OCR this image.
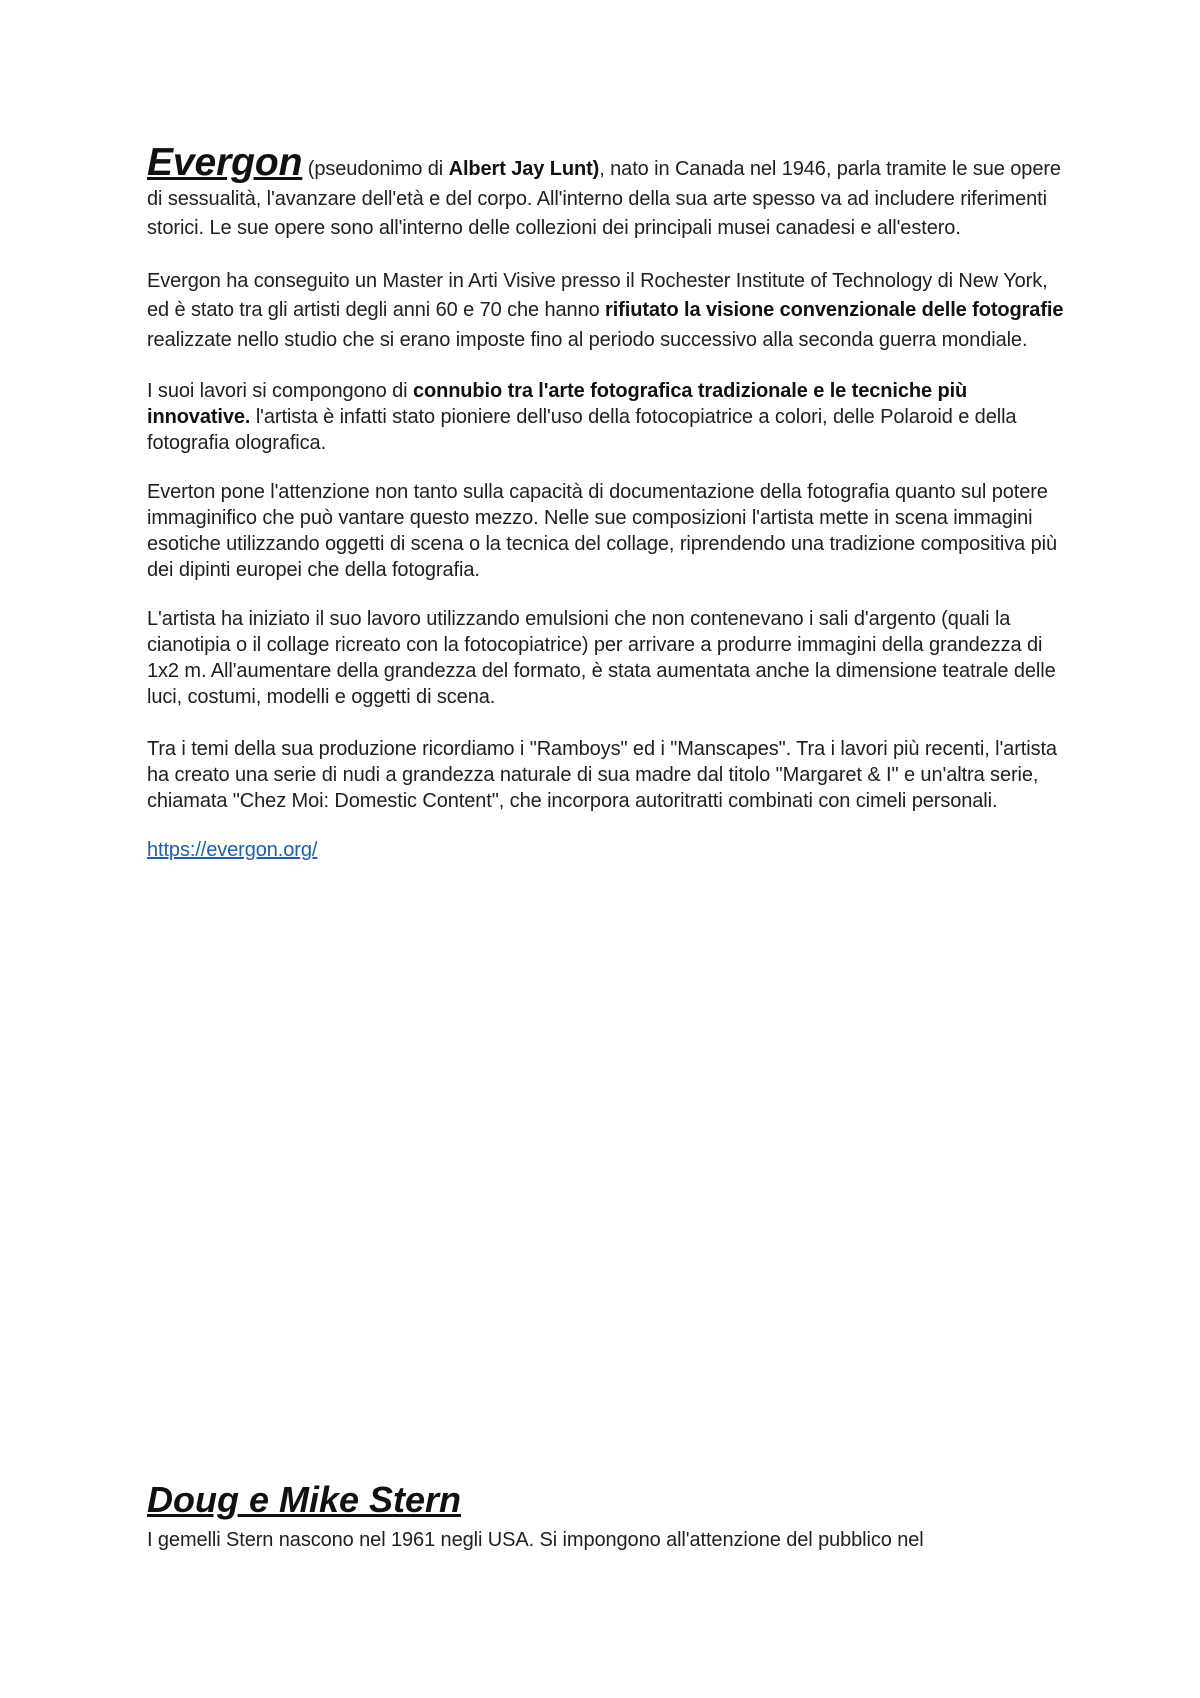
Evergon (pseudonimo di Albert Jay Lunt), nato in Canada nel 1946, parla tramite le sue opere di sessualità, l'avanzare dell'età e del corpo. All'interno della sua arte spesso va ad includere riferimenti storici. Le sue opere sono all'interno delle collezioni dei principali musei canadesi e all'estero.

Evergon ha conseguito un Master in Arti Visive presso il Rochester Institute of Technology di New York, ed è stato tra gli artisti degli anni 60 e 70 che hanno rifiutato la visione convenzionale delle fotografie realizzate nello studio che si erano imposte fino al periodo successivo alla seconda guerra mondiale.

I suoi lavori si compongono di connubio tra l'arte fotografica tradizionale e le tecniche più innovative. l'artista è infatti stato pioniere dell'uso della fotocopiatrice a colori, delle Polaroid e della fotografia olografica.

Everton pone l'attenzione non tanto sulla capacità di documentazione della fotografia quanto sul potere immaginifico che può vantare questo mezzo. Nelle sue composizioni l'artista mette in scena immagini esotiche utilizzando oggetti di scena o la tecnica del collage, riprendendo una tradizione compositiva più dei dipinti europei che della fotografia.

L'artista ha iniziato il suo lavoro utilizzando emulsioni che non contenevano i sali d'argento (quali la cianotipia o il collage ricreato con la fotocopiatrice) per arrivare a produrre immagini della grandezza di 1x2 m. All'aumentare della grandezza del formato, è stata aumentata anche la dimensione teatrale delle luci, costumi, modelli e oggetti di scena.

Tra i temi della sua produzione ricordiamo i "Ramboys" ed i "Manscapes". Tra i lavori più recenti, l'artista ha creato una serie di nudi a grandezza naturale di sua madre dal titolo "Margaret & I" e un'altra serie, chiamata "Chez Moi: Domestic Content", che incorpora autoritratti combinati con cimeli personali.

https://evergon.org/

Doug e Mike Stern

I gemelli Stern nascono nel 1961 negli USA. Si impongono all'attenzione del pubblico nel
